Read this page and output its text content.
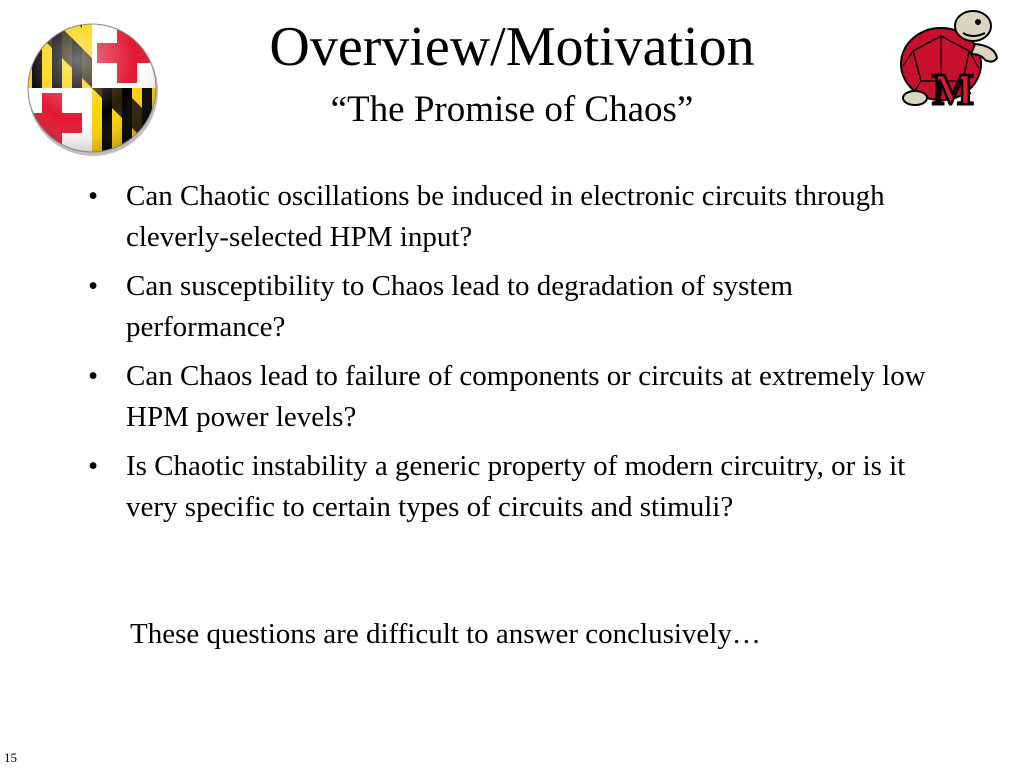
M
Overview/Motivation
“The Promise of Chaos”
• Can Chaotic oscillations be induced in electronic circuits through cleverly-selected HPM input?
• Can susceptibility to Chaos lead to degradation of system performance?
• Can Chaos lead to failure of components or circuits at extremely low HPM power levels?
• Is Chaotic instability a generic property of modern circuitry, or is it very specific to certain types of circuits and stimuli?

These questions are difficult to answer conclusively…

15
